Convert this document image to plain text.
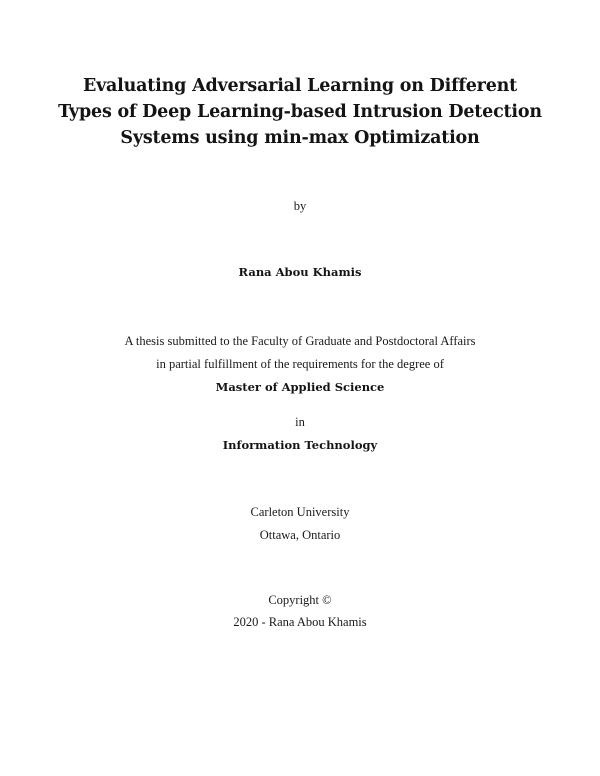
Evaluating Adversarial Learning on Different
Types of Deep Learning-based Intrusion Detection
Systems using min-max Optimization
by
Rana Abou Khamis
A thesis submitted to the Faculty of Graduate and Postdoctoral Affairs
in partial fulfillment of the requirements for the degree of
Master of Applied Science
in
Information Technology
Carleton University
Ottawa, Ontario
Copyright ©
2020 - Rana Abou Khamis
